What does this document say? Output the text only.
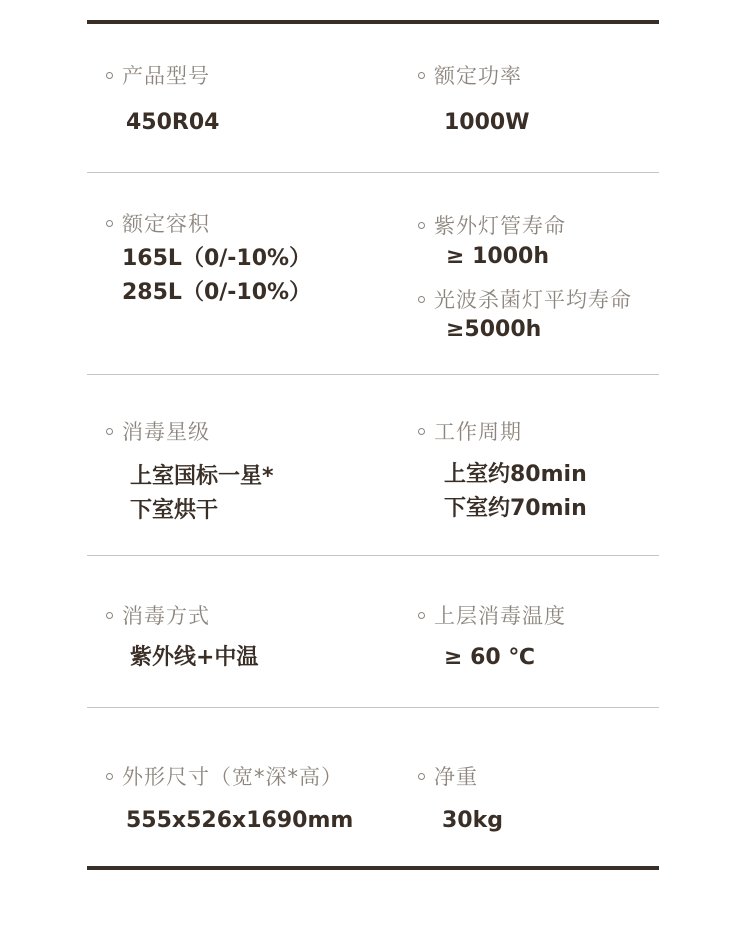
产品型号
450R04
额定功率
1000W
额定容积
165L（0/-10%）
285L（0/-10%）
紫外灯管寿命
≥ 1000h
光波杀菌灯平均寿命
≥5000h
消毒星级
上室国标一星*
下室烘干
工作周期
上室约80min
下室约70min
消毒方式
紫外线+中温
上层消毒温度
≥ 60 ℃
外形尺寸（宽*深*高）
555x526x1690mm
净重
30kg
